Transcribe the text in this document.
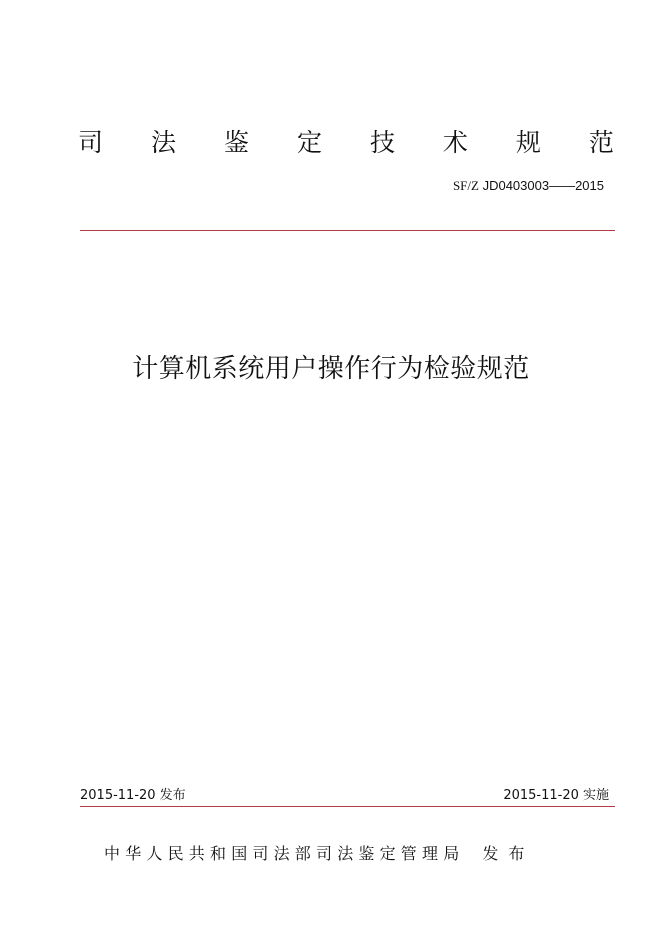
司 法 鉴 定 技 术 规 范
SF/Z JD0403003——2015
计算机系统用户操作行为检验规范
2015-11-20 发布	2015-11-20 实施
中华人民共和国司法部司法鉴定管理局 发布
